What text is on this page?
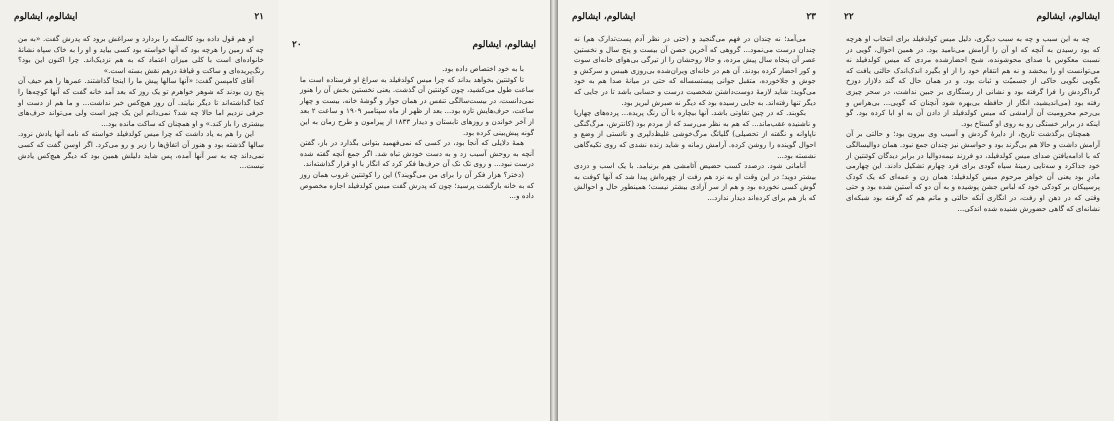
۲۱
ایشالوم، ایشالوم

او هم قول داده بود کالسکه را بردارد و سراغش برود که پدرش گفت. «به من چه که زمین را هرچه بود که آنها خواسته بود کسی بیاید و او را به خاک سپاه نشانهٔ خانواده‌ای است با کلی میزان اعتماد که به هم نزدیک‌اند. چرا اکنون این بود؟ رنگ‌پریده‌ای و ساکت و قیافهٔ درهم نقش بسته است.»

آقای کامپسن گفت: «آنها سالها پیش ما را اینجا گذاشتند. عمرها را هم حیف آن پنج زن بودند که شوهر خواهرم تو یک روز که بعد آمد خانه گفت که آنها کوچه‌ها را کجا گذاشته‌اند تا دیگر نیایند. آن روز هیچ‌کس خبر نداشت... و ما هم از دست او حرفی نزدیم اما حالا چه شد؟ نمی‌دانم این یک چیز است ولی می‌تواند حرف‌های بیشتری را باز کند.» و او همچنان که ساکت مانده بود...

این را هم به یاد داشت که چرا میس کولدفیلد خواسته که نامه آنها یادش نرود. سالها گذشته بود و هنوز آن اتفاق‌ها را زیر و رو می‌کرد. اگر اوسن گفت که کسی نمی‌داند چه به سر آنها آمده، پس شاید دلیلش همین بود که دیگر هیچ‌کس یادش نیست...

۲۰	ایشالوم، ایشالوم

با به خود اختصاص داده بود.

تا کوئنتین بخواهد بداند که چرا میس کولدفیلد به سراغ او فرستاده است ما ساعت طول می‌کشید، چون کوئنتین آن گذشت. یعنی نخستین بخش آن را هنوز نمی‌دانست، در بیست‌سالگی تنفس در همان جوار و گوشهٔ خانه، بیست و چهار ساعت، حرف‌هایش تازه بود... بعد از ظهر از ماه سپتامبر ۱۹۰۹ و ساعت ۲ بعد از آخر خواندن و روزهای تابستان و دیدار ۱۸۳۳ از پیرامون و طرح زمان به این گونه پیش‌بینی کرده بود.

همهٔ دلایلی که آنجا بود، در کسی که نمی‌فهمید بتوانی بگذارد در باز، گفتن آنچه به روحش آسیب زد و به دست خودش تباه شد. اگر جمع آنچه گفته شده درست نبود... و روی تک تک آن حرف‌ها فکر کرد که انگار با او قرار گذاشته‌اند.

(دختر؟ هزار فکر آن را برای من می‌گویند؟) این را کوئنتین غروب همان روز که به خانه بازگشت پرسید؛ چون که پدرش گفت میس کولدفیلد اجازه مخصوص داده و...

۲۳
ایشالوم، ایشالوم

می‌آمد؛ نه چندان در فهم می‌گنجید و (حتی در نظر آدم پست‌تدارک هم) نه چندان درست می‌نمود... گروهی که آخرین حصن آن بیست و پنج سال و نخستین عصر آن پنجاه سال پیش مرده، و حالا روحشان را از تیرگی بی‌هوای خانه‌ای سوت و کور احضار کرده بودند. آن هم در خانه‌ای ویران‌شده بی‌روزی هیبس و سرکش و جوش و جلاخورده، متقبل جوانی پیستسساله که حتی در میانهٔ صدا هم به خود می‌گوید: شاید لازمهٔ دوست‌داشتن شخصیت درست و حسابی باشد تا در جایی که دیگر تنها رفته‌اند. به جایی رسیده بود که دیگر نه صبرش لبریز بود.

بکوبند. که در چین تفاوتی باشد. آنها بیچاره با آن رنگ پریده... پرده‌های چهارپا و ناشنیده عقب‌ماند... که هم به نظر می‌رسد که از مردم بود (کانترش، مرگ‌گنگی ناپاوانه و نگفته از تحصیلی) گلیاتگ مرگ‌خوشی غلیظ‌دلپری و نائستی از وضع و احوال گوینده را روشن کرده. آرامش زمانه و شاید زنده نشدی که روی تکیه‌گاهی نشسته بود...

آنامانی شود. درصدد کسب حضیض آئامشی هم برنیامد. با یک اسب و دزدی بیشتر دوید؛ در این وقت او به نزد هم رفت از چهره‌اش پیدا شد که آنها کوفت به گوش کسی نخورده بود و هم از سر آزادی بیشتر نیست؛ همینطور حال و احوالش که باز هم برای کرده‌اند دیدار ندارد...

۲۲	ایشالوم، ایشالوم

چه به این سبب و چه به سبب دیگری، دلیل میس کولدفیلد برای انتخاب او هرچه که بود رسیدن به آنچه که او آن را آرامش می‌نامید بود. در همین احوال، گویی در نسبت معکوس با صدای محوشونده، شبح احضارشده مردی که میس کولدفیلد نه می‌توانست او را ببخشد و نه هم انتقام خود را از او بگیرد اندک‌اندک حالتی یافت که بگویی نگویی حاکی از جسمیّت و ثبات بود. و در همان حال که گند دلازار دوزخ گرداگردش را فرا گرفته بود و نشانی از رستگاری بر جبین نداشت، در سحر چیزی رفته بود (می‌اندیشید، انگار از حافظه بی‌بهره شود آنچنان که گویی... بی‌هراس و بی‌رحم محرومیت آن آرامشی که میس کولدفیلد از دادن آن به او ابا کرده بود. گو اینکه در برابر خستگی رو به روی او گستاخ بود.

همچنان برگذشت تاریخ، از دایرهٔ گردش و آسیب وی بیرون بود؛ و حالتی بر آن آرامش داشت و حالا هم بی‌گرند بود و حواسش نیز چندان جمع نبود. همان دوالیسالگی که با ادامه‌یافتن صدای میس کولدفیلد، دو فرزند نیمه‌دوالیا در برابر دیدگان کوئنتین از خود جداکرد و سه‌تایی زمینهٔ سیاه گودی برای فرد چهارم تشکیل دادند. این چهارمی مادرِ بود یعنی آن خواهر مرحوم میس کولدفیلد: همان زن و عمه‌ای که یک کودک پرسپیکان بر کودکی خود که لباس جشن پوشیده و به آن دو که آستین شده بود و حتی وقتی که در ذهن او رفت، در انگاری آنکه حالتی و ماتم هم که گرفته بود شبکه‌ای نشانه‌ای که گاهی حضورش شنیده شده اندکی...
